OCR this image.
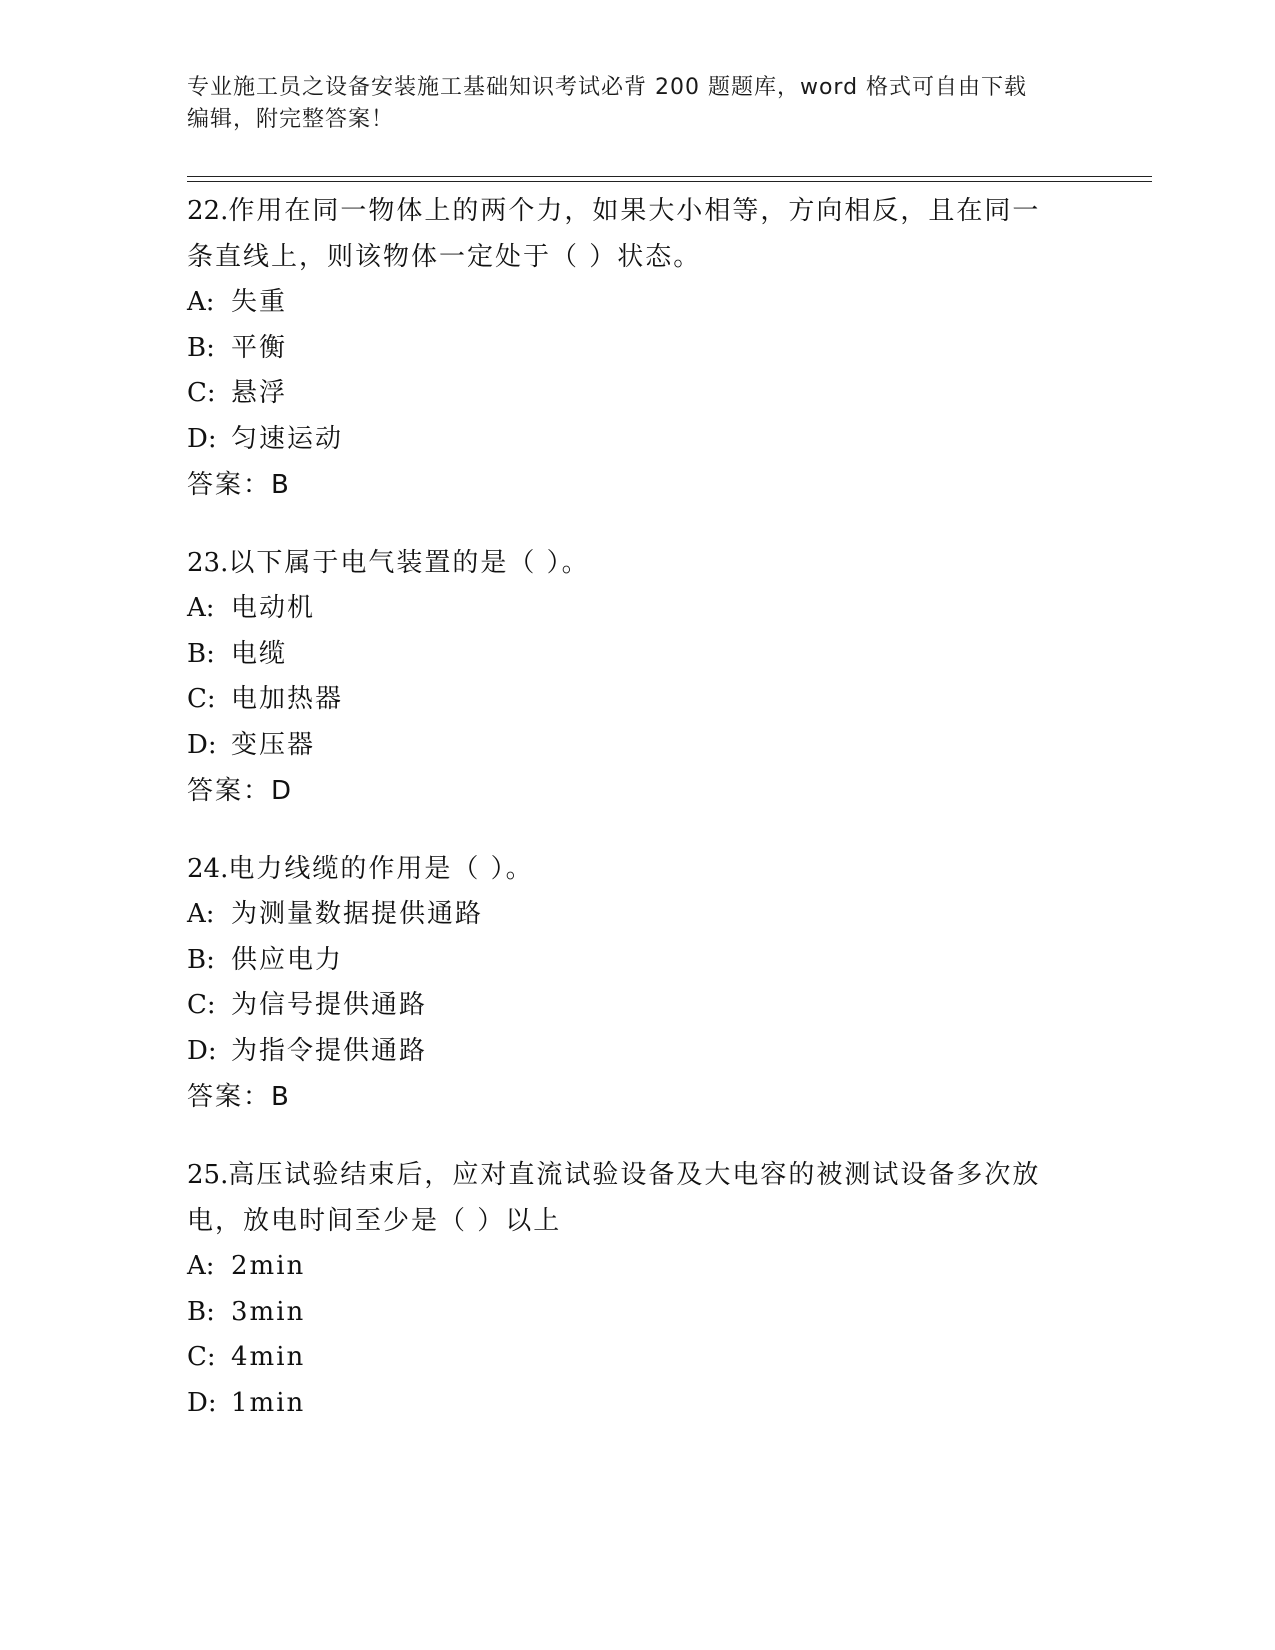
专业施工员之设备安装施工基础知识考试必背 200 题题库，word 格式可自由下载
编辑，附完整答案！

22.作用在同一物体上的两个力，如果大小相等，方向相反，且在同一
条直线上，则该物体一定处于（ ）状态。

A: 失重
B: 平衡
C: 悬浮
D: 匀速运动
答案：B

23.以下属于电气装置的是（ ）。

A: 电动机
B: 电缆
C: 电加热器
D: 变压器
答案：D

24.电力线缆的作用是（ ）。

A: 为测量数据提供通路
B: 供应电力
C: 为信号提供通路
D: 为指令提供通路
答案：B

25.高压试验结束后，应对直流试验设备及大电容的被测试设备多次放
电，放电时间至少是（ ）以上

A: 2min
B: 3min
C: 4min
D: 1min
